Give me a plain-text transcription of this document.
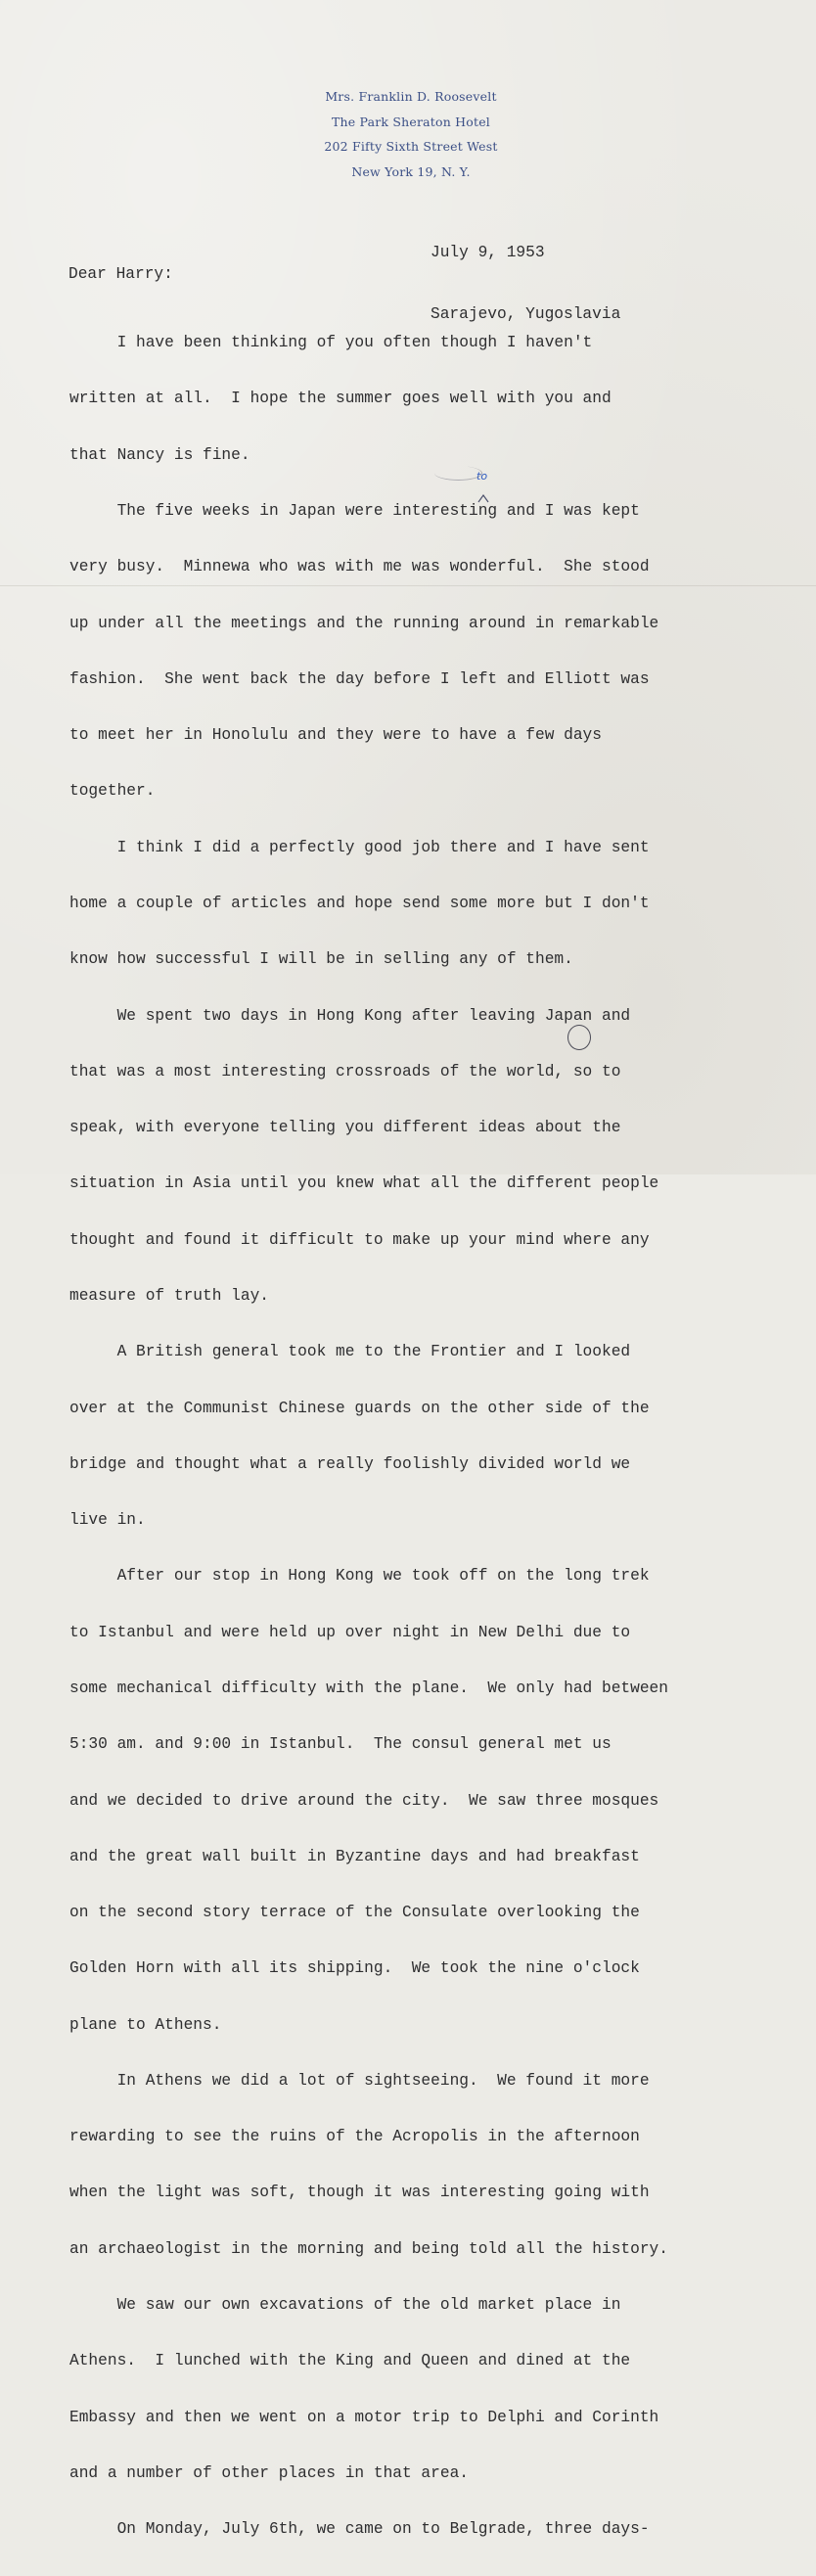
Mrs. Franklin D. Roosevelt
The Park Sheraton Hotel
202 Fifty Sixth Street West
New York 19, N. Y.

July 9, 1953

Sarajevo, Yugoslavia

Dear Harry:

I have been thinking of you often though I haven't

written at all.  I hope the summer goes well with you and

that Nancy is fine.

The five weeks in Japan were interesting and I was kept

very busy.  Minnewa who was with me was wonderful.  She stood

up under all the meetings and the running around in remarkable

fashion.  She went back the day before I left and Elliott was

to meet her in Honolulu and they were to have a few days

together.

I think I did a perfectly good job there and I have sent

home a couple of articles and hope send some more but I don't

know how successful I will be in selling any of them.

We spent two days in Hong Kong after leaving Japan and

that was a most interesting crossroads of the world, so to

speak, with everyone telling you different ideas about the

situation in Asia until you knew what all the different people

thought and found it difficult to make up your mind where any

measure of truth lay.

A British general took me to the Frontier and I looked

over at the Communist Chinese guards on the other side of the

bridge and thought what a really foolishly divided world we

live in.

After our stop in Hong Kong we took off on the long trek

to Istanbul and were held up over night in New Delhi due to

some mechanical difficulty with the plane.  We only had between

5:30 am. and 9:00 in Istanbul.  The consul general met us

and we decided to drive around the city.  We saw three mosques

and the great wall built in Byzantine days and had breakfast

on the second story terrace of the Consulate overlooking the

Golden Horn with all its shipping.  We took the nine o'clock

plane to Athens.

In Athens we did a lot of sightseeing.  We found it more

rewarding to see the ruins of the Acropolis in the afternoon

when the light was soft, though it was interesting going with

an archaeologist in the morning and being told all the history.

We saw our own excavations of the old market place in

Athens.  I lunched with the King and Queen and dined at the

Embassy and then we went on a motor trip to Delphi and Corinth

and a number of other places in that area.

On Monday, July 6th, we came on to Belgrade, three days-

to
